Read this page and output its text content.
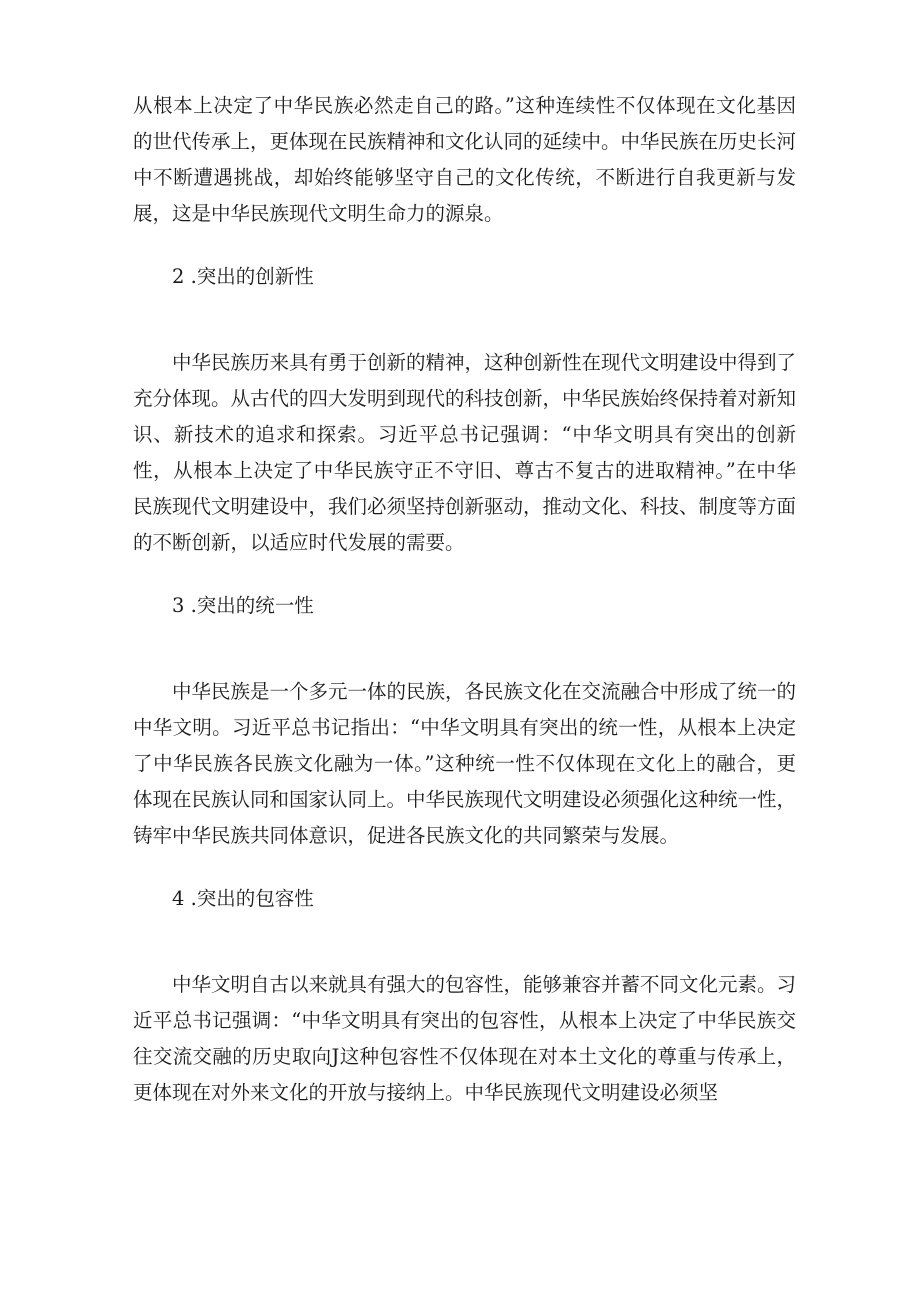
从根本上决定了中华民族必然走自己的路。”这种连续性不仅体现在文化基因的世代传承上，更体现在民族精神和文化认同的延续中。中华民族在历史长河中不断遭遇挑战，却始终能够坚守自己的文化传统，不断进行自我更新与发展，这是中华民族现代文明生命力的源泉。

2 .突出的创新性

中华民族历来具有勇于创新的精神，这种创新性在现代文明建设中得到了充分体现。从古代的四大发明到现代的科技创新，中华民族始终保持着对新知识、新技术的追求和探索。习近平总书记强调：“中华文明具有突出的创新性，从根本上决定了中华民族守正不守旧、尊古不复古的进取精神。”在中华民族现代文明建设中，我们必须坚持创新驱动，推动文化、科技、制度等方面的不断创新，以适应时代发展的需要。

3 .突出的统一性

中华民族是一个多元一体的民族，各民族文化在交流融合中形成了统一的中华文明。习近平总书记指出：“中华文明具有突出的统一性，从根本上决定了中华民族各民族文化融为一体。”这种统一性不仅体现在文化上的融合，更体现在民族认同和国家认同上。中华民族现代文明建设必须强化这种统一性，铸牢中华民族共同体意识，促进各民族文化的共同繁荣与发展。

4 .突出的包容性

中华文明自古以来就具有强大的包容性，能够兼容并蓄不同文化元素。习近平总书记强调：“中华文明具有突出的包容性，从根本上决定了中华民族交往交流交融的历史取向J这种包容性不仅体现在对本土文化的尊重与传承上，更体现在对外来文化的开放与接纳上。中华民族现代文明建设必须坚
